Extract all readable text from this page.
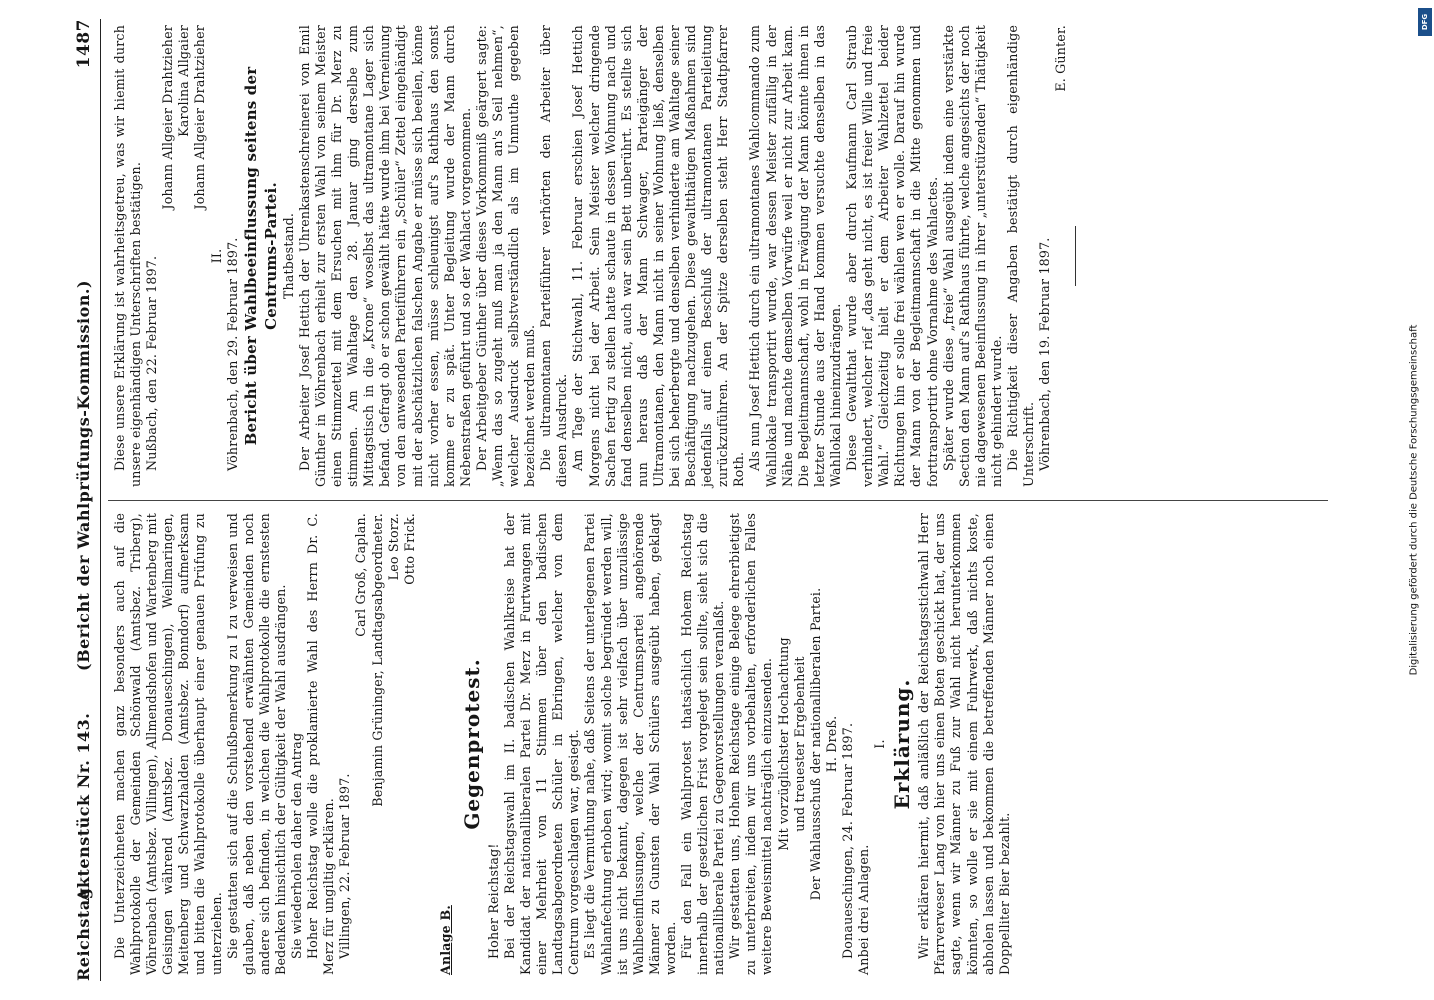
Reichstag.
Aktenstück Nr. 143.
(Bericht der Wahlprüfungs-Kommission.)
1487

Die Unterzeichneten machen ganz besonders auch auf die Wahlprotokolle der Gemeinden Schönwald (Amtsbez. Triberg), Vöhrenbach (Amtsbez. Villingen), Allmendshofen und Wartenberg mit Geisingen während (Amtsbez. Donaueschingen), Weilmaringen, Meitenberg und Schwarzhalden (Amtsbez. Bonndorf) aufmerksam und bitten die Wahlprotokolle überhaupt einer genauen Prüfung zu unterziehen. Sie gestatten sich auf die Schlußbemerkung zu I zu verweisen und glauben, daß neben den vorstehend erwähnten Gemeinden noch andere sich befinden, in welchen die Wahlprotokolle die ernstesten Bedenken hinsichtlich der Gültigkeit der Wahl ausdrängen. Sie wiederholen daher den Antrag Hoher Reichstag wolle die proklamierte Wahl des Herrn Dr. C. Merz für ungiltig erklären. Villingen, 22. Februar 1897.

Carl Groß, Caplan. Benjamin Grüninger, Landtagsabgeordneter. Leo Storz. Otto Frick.
Anlage B.
Gegenprotest.

Hoher Reichstag! Bei der Reichstagswahl im II. badischen Wahlkreise hat der Kandidat der nationalliberalen Partei Dr. Merz in Furtwangen mit einer Mehrheit von 11 Stimmen über den badischen Landtagsabgeordneten Schüler in Ebringen, welcher von dem Centrum vorgeschlagen war, gesiegt. Es liegt die Vermuthung nahe, daß Seitens der unterlegenen Partei Wahlanfechtung erhoben wird; womit solche begründet werden will, ist uns nicht bekannt, dagegen ist sehr vielfach über unzulässige Wahlbeeinflussungen, welche der Centrumspartei angehörende Männer zu Gunsten der Wahl Schülers ausgeübt haben, geklagt worden. Für den Fall ein Wahlprotest thatsächlich Hohem Reichstag innerhalb der gesetzlichen Frist vorgelegt sein sollte, sieht sich die nationalliberale Partei zu Gegenvorstellungen veranlaßt. Wir gestatten uns, Hohem Reichstage einige Belege ehrerbietigst zu unterbreiten, indem wir uns vorbehalten, erforderlichen Falles weitere Beweismittel nachträglich einzusenden. Mit vorzüglichster Hochachtung und treuester Ergebenheit Der Wahlausschuß der nationalliberalen Partei. H. Dreß. Donaueschingen, 24. Februar 1897. Anbei drei Anlagen.

I. Erklärung. Wir erklären hiermit, daß anläßlich der Reichstagsstichwahl Herr Pfarrverweser Lang von hier uns einen Boten geschickt hat, der uns sagte, wenn wir Männer zu Fuß zur Wahl nicht herunterkommen könnten, so wolle er sie mit einem Fuhrwerk, daß nichts koste, abholen lassen und bekommen die betreffenden Männer noch einen Doppelliter Bier bezahlt.

Diese unsere Erklärung ist wahrheitsgetreu, was wir hiemit durch unsere eigenhändigen Unterschriften bestätigen. Nußbach, den 22. Februar 1897.

Johann Allgeier Drahtzieher Karolina Allgaier Johann Allgeier Drahtzieher
II. Vöhrenbach, den 29. Februar 1897. Bericht über Wahlbeeinflussung seitens der Centrums-Partei. Thatbestand. Der Arbeiter Josef Hettich der Uhrenkastenschreinerei von Emil Günther in Vöhrenbach erhielt zur ersten Wahl von seinem Meister einen Stimmzettel mit dem Ersuchen mit ihm für Dr. Merz zu stimmen. Am Wahltage den 28. Januar ging derselbe zum Mittagstisch in die „Krone“ woselbst das ultramontane Lager sich befand. Gefragt ob er schon gewählt hätte wurde ihm bei Verneinung von den anwesenden Parteiführern ein „Schüler“ Zettel eingehändigt mit der abschätzlichen falschen Angabe er müsse sich beeilen, könne nicht vorher essen, müsse schleunigst auf's Rathhaus den sonst komme er zu spät. Unter Begleitung wurde der Mann durch Nebenstraßen geführt und so der Wahlact vorgenommen. Der Arbeitgeber Günther über dieses Vorkommniß geärgert sagte: „Wenn das so zugeht muß man ja den Mann an's Seil nehmen“, welcher Ausdruck selbstverständlich als im Unmuthe gegeben bezeichnet werden muß. Die ultramontanen Parteiführer verhörten den Arbeiter über diesen Ausdruck. Am Tage der Stichwahl, 11. Februar erschien Josef Hettich Morgens nicht bei der Arbeit. Sein Meister welcher dringende Sachen fertig zu stellen hatte schaute in dessen Wohnung nach und fand denselben nicht, auch war sein Bett unberührt. Es stellte sich nun heraus daß der Mann Schwager, Parteigänger der Ultramontanen, den Mann nicht in seiner Wohnung ließ, denselben bei sich beherbergte und denselben verhinderte am Wahltage seiner Beschäftigung nachzugehen. Diese gewaltthätigen Maßnahmen sind jedenfalls auf einen Beschluß der ultramontanen Parteileitung zurückzuführen. An der Spitze derselben steht Herr Stadtpfarrer Roth. Als nun Josef Hettich durch ein ultramontanes Wahlcommando zum Wahllokale transportirt wurde, war dessen Meister zufällig in der Nähe und machte demselben Vorwürfe weil er nicht zur Arbeit kam. Die Begleitmannschaft, wohl in Erwägung der Mann könnte ihnen in letzter Stunde aus der Hand kommen versuchte denselben in das Wahllokal hineinzudrängen. Diese Gewaltthat wurde aber durch Kaufmann Carl Straub verhindert, welcher rief „das geht nicht, es ist freier Wille und freie Wahl.“ Gleichzeitig hielt er dem Arbeiter Wahlzettel beider Richtungen hin er solle frei wählen wen er wolle. Darauf hin wurde der Mann von der Begleitmannschaft in die Mitte genommen und forttransportirt ohne Vornahme des Wahlactes. Später wurde diese „freie“ Wahl ausgeübt indem eine verstärkte Section den Mann auf's Rathhaus führte, welche angesichts der noch nie dagewesenen Beeinflussung in ihrer „unterstützenden“ Thätigkeit nicht gehindert wurde. Die Richtigkeit dieser Angaben bestätigt durch eigenhändige Unterschrift. Vöhrenbach, den 19. Februar 1897.

E. Günter.
DFG
Digitalisierung gefördert durch die Deutsche Forschungsgemeinschaft
